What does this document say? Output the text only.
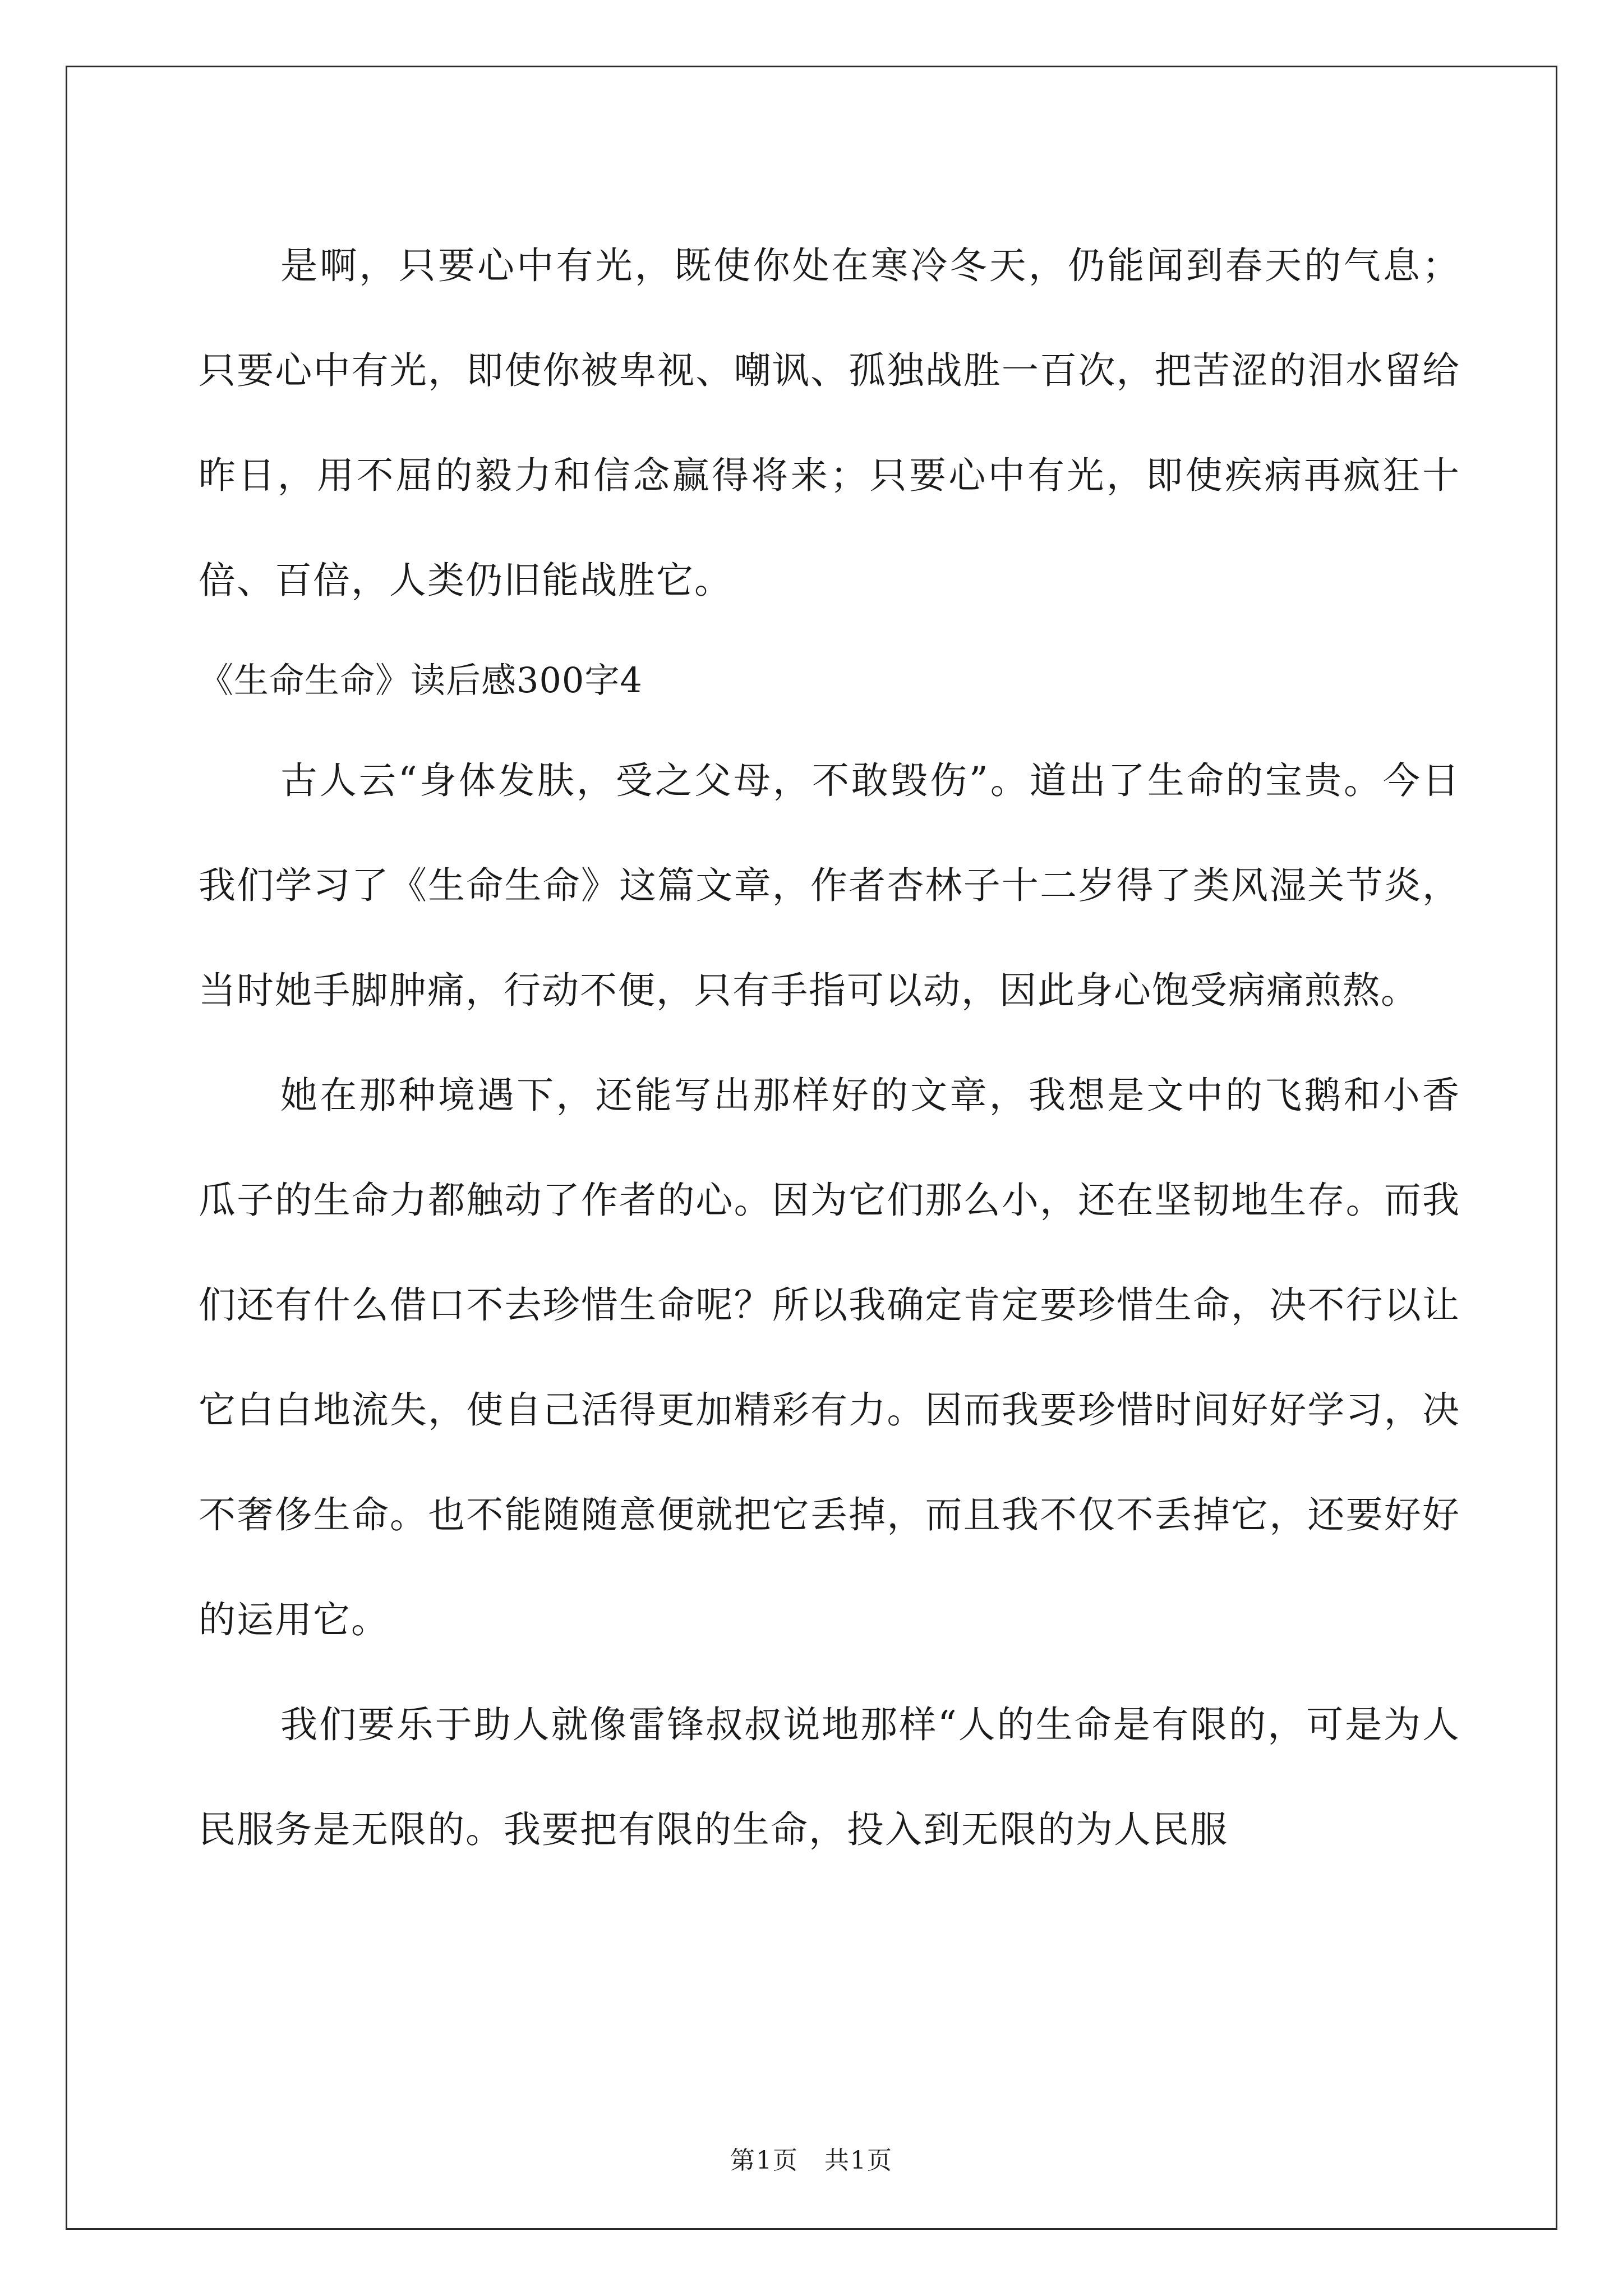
是啊，只要心中有光，既使你处在寒冷冬天，仍能闻到春天的气息；只要心中有光，即使你被卑视、嘲讽、孤独战胜一百次，把苦涩的泪水留给昨日，用不屈的毅力和信念赢得将来；只要心中有光，即使疾病再疯狂十倍、百倍，人类仍旧能战胜它。

《生命生命》读后感300字4

古人云“身体发肤，受之父母，不敢毁伤”。道出了生命的宝贵。今日我们学习了《生命生命》这篇文章，作者杏林子十二岁得了类风湿关节炎，当时她手脚肿痛，行动不便，只有手指可以动，因此身心饱受病痛煎熬。

她在那种境遇下，还能写出那样好的文章，我想是文中的飞鹅和小香瓜子的生命力都触动了作者的心。因为它们那么小，还在坚韧地生存。而我们还有什么借口不去珍惜生命呢？所以我确定肯定要珍惜生命，决不行以让它白白地流失，使自己活得更加精彩有力。因而我要珍惜时间好好学习，决不奢侈生命。也不能随随意便就把它丢掉，而且我不仅不丢掉它，还要好好的运用它。

我们要乐于助人就像雷锋叔叔说地那样“人的生命是有限的，可是为人民服务是无限的。我要把有限的生命，投入到无限的为人民服

第1页　共1页
